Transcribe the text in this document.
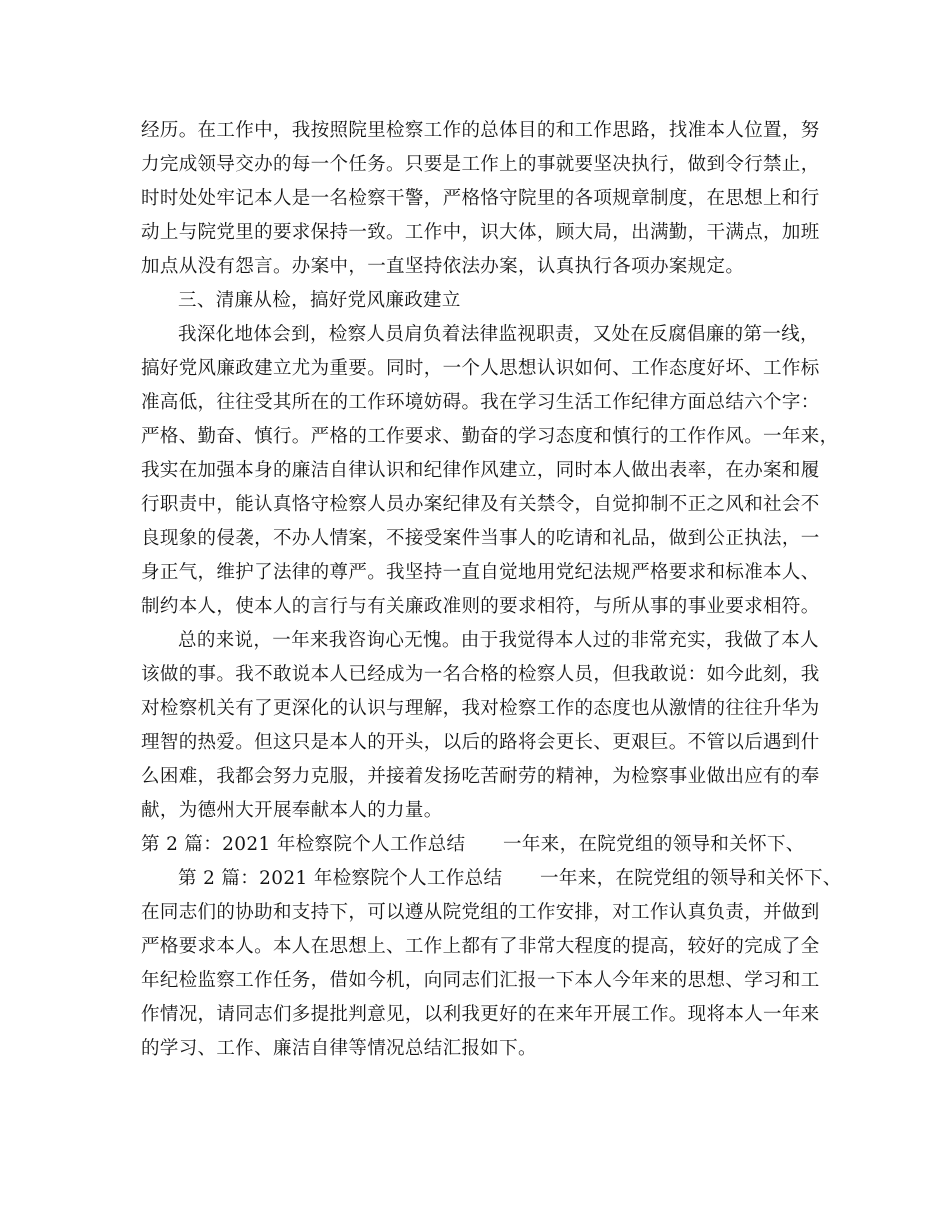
经历。在工作中，我按照院里检察工作的总体目的和工作思路，找准本人位置，努
力完成领导交办的每一个任务。只要是工作上的事就要坚决执行，做到令行禁止，
时时处处牢记本人是一名检察干警，严格恪守院里的各项规章制度，在思想上和行
动上与院党里的要求保持一致。工作中，识大体，顾大局，出满勤，干满点，加班
加点从没有怨言。办案中，一直坚持依法办案，认真执行各项办案规定。
三、清廉从检，搞好党风廉政建立
我深化地体会到，检察人员肩负着法律监视职责，又处在反腐倡廉的第一线，
搞好党风廉政建立尤为重要。同时，一个人思想认识如何、工作态度好坏、工作标
准高低，往往受其所在的工作环境妨碍。我在学习生活工作纪律方面总结六个字：
严格、勤奋、慎行。严格的工作要求、勤奋的学习态度和慎行的工作作风。一年来，
我实在加强本身的廉洁自律认识和纪律作风建立，同时本人做出表率，在办案和履
行职责中，能认真恪守检察人员办案纪律及有关禁令，自觉抑制不正之风和社会不
良现象的侵袭，不办人情案，不接受案件当事人的吃请和礼品，做到公正执法，一
身正气，维护了法律的尊严。我坚持一直自觉地用党纪法规严格要求和标准本人、
制约本人，使本人的言行与有关廉政准则的要求相符，与所从事的事业要求相符。
总的来说，一年来我咨询心无愧。由于我觉得本人过的非常充实，我做了本人
该做的事。我不敢说本人已经成为一名合格的检察人员，但我敢说：如今此刻，我
对检察机关有了更深化的认识与理解，我对检察工作的态度也从激情的往往升华为
理智的热爱。但这只是本人的开头，以后的路将会更长、更艰巨。不管以后遇到什
么困难，我都会努力克服，并接着发扬吃苦耐劳的精神，为检察事业做出应有的奉
献，为德州大开展奉献本人的力量。
第 2 篇：2021 年检察院个人工作总结　　一年来，在院党组的领导和关怀下、
第 2 篇：2021 年检察院个人工作总结　　一年来，在院党组的领导和关怀下、
在同志们的协助和支持下，可以遵从院党组的工作安排，对工作认真负责，并做到
严格要求本人。本人在思想上、工作上都有了非常大程度的提高，较好的完成了全
年纪检监察工作任务，借如今机，向同志们汇报一下本人今年来的思想、学习和工
作情况，请同志们多提批判意见，以利我更好的在来年开展工作。现将本人一年来
的学习、工作、廉洁自律等情况总结汇报如下。
